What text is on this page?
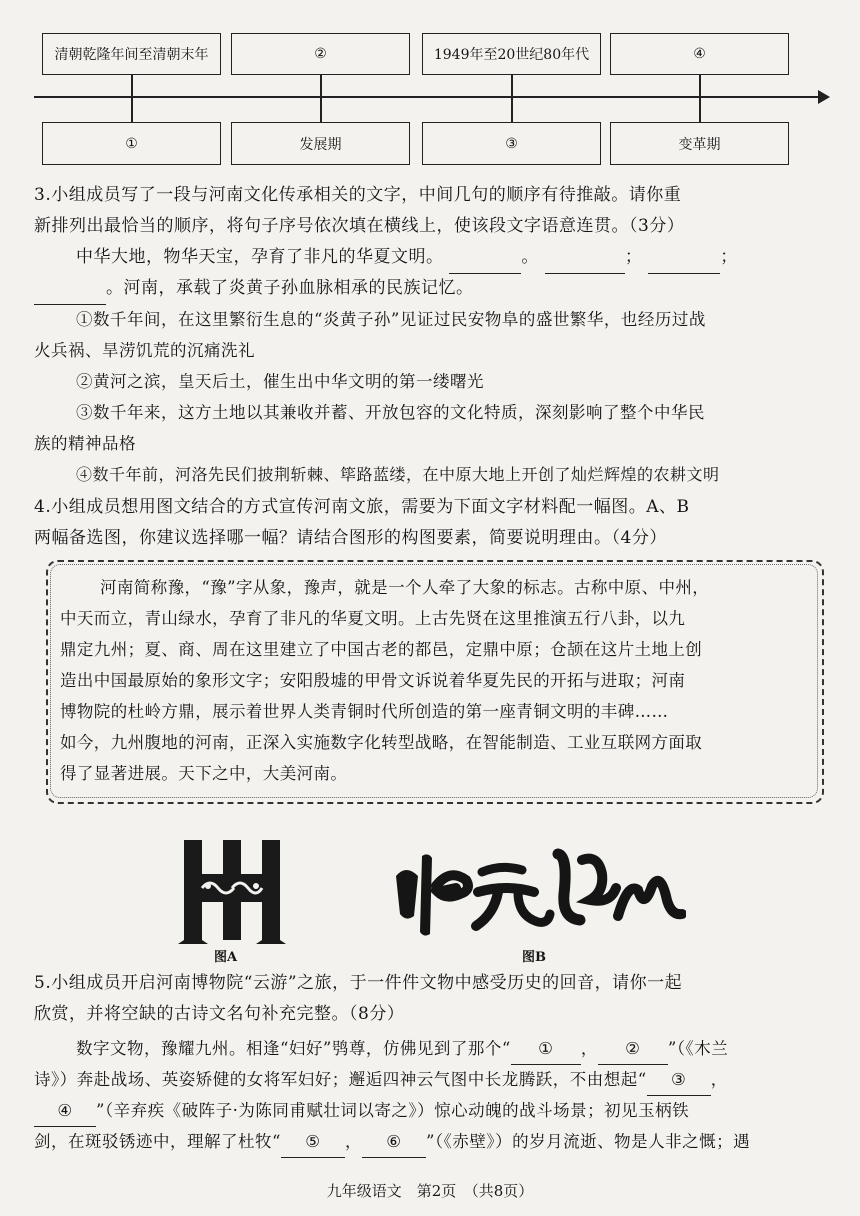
清朝乾隆年间至清朝末年	②	1949年至20世纪80年代	④
①	发展期	③	变革期
3.小组成员写了一段与河南文化传承相关的文字，中间几句的顺序有待推敲。请你重
新排列出最恰当的顺序，将句子序号依次填在横线上，使该段文字语意连贯。（3分）
中华大地，物华天宝，孕育了非凡的华夏文明。	。	；	；
。河南，承载了炎黄子孙血脉相承的民族记忆。
①数千年间，在这里繁衍生息的“炎黄子孙”见证过民安物阜的盛世繁华，也经历过战
火兵祸、旱涝饥荒的沉痛洗礼
②黄河之滨，皇天后土，催生出中华文明的第一缕曙光
③数千年来，这方土地以其兼收并蓄、开放包容的文化特质，深刻影响了整个中华民
族的精神品格
④数千年前，河洛先民们披荆斩棘、筚路蓝缕，在中原大地上开创了灿烂辉煌的农耕文明
4.小组成员想用图文结合的方式宣传河南文旅，需要为下面文字材料配一幅图。A、B
两幅备选图，你建议选择哪一幅？请结合图形的构图要素，简要说明理由。（4分）
河南简称豫，“豫”字从象，豫声，就是一个人牵了大象的标志。古称中原、中州，
中天而立，青山绿水，孕育了非凡的华夏文明。上古先贤在这里推演五行八卦，以九
鼎定九州；夏、商、周在这里建立了中国古老的都邑，定鼎中原；仓颉在这片土地上创
造出中国最原始的象形文字；安阳殷墟的甲骨文诉说着华夏先民的开拓与进取；河南
博物院的杜岭方鼎，展示着世界人类青铜时代所创造的第一座青铜文明的丰碑……
如今，九州腹地的河南，正深入实施数字化转型战略，在智能制造、工业互联网方面取
得了显著进展。天下之中，大美河南。
图A	图B
5.小组成员开启河南博物院“云游”之旅，于一件件文物中感受历史的回音，请你一起
欣赏，并将空缺的古诗文名句补充完整。（8分）
数字文物，豫耀九州。相逢“妇好”鸮尊，仿佛见到了那个“ ① ， ② ”（《木兰
诗》）奔赴战场、英姿矫健的女将军妇好；邂逅四神云气图中长龙腾跃，不由想起“ ③ ，
④ ”（辛弃疾《破阵子·为陈同甫赋壮词以寄之》）惊心动魄的战斗场景；初见玉柄铁
剑，在斑驳锈迹中，理解了杜牧“ ⑤ ， ⑥ ”（《赤壁》）的岁月流逝、物是人非之慨；遇
九年级语文　第2页　（共8页）
